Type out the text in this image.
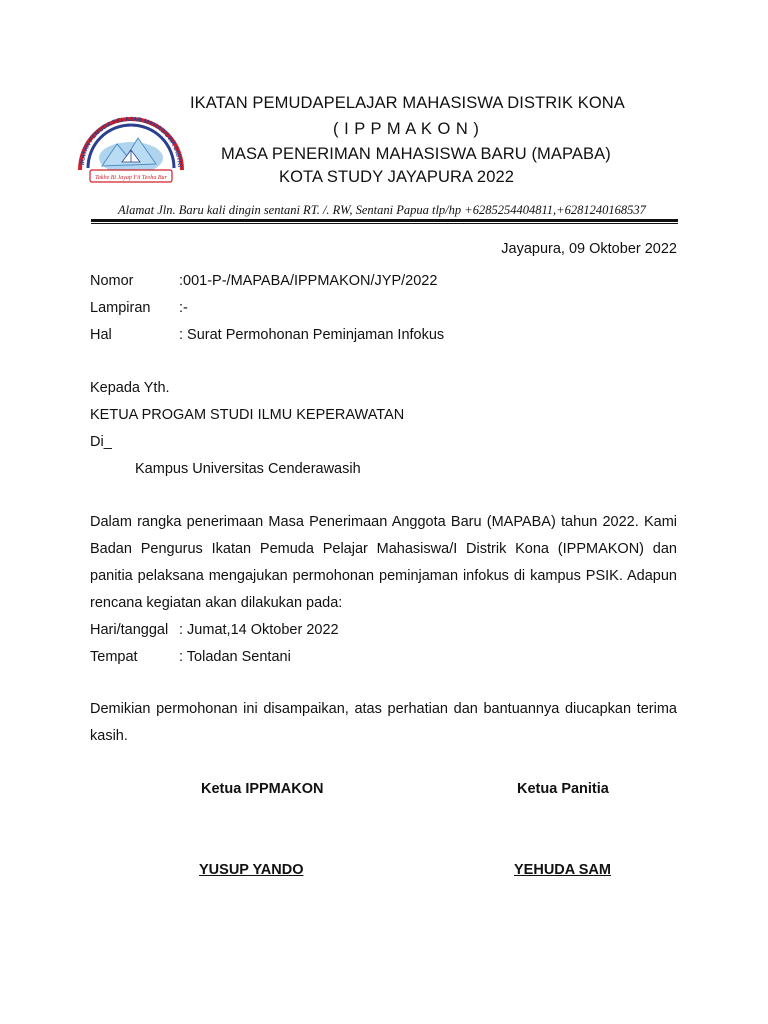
IKATAN PEMUDA PELAJAR MAHASISWA DISTRI
Takhe Bi Jayap Fit Teoha Bur
IKATAN PEMUDAPELAJAR MAHASISWA DISTRIK KONA
( I P P M A K O N )
MASA PENERIMAN MAHASISWA BARU (MAPABA)
KOTA STUDY JAYAPURA 2022
Alamat Jln. Baru kali dingin sentani RT. /. RW, Sentani Papua tlp/hp +6285254404811,+6281240168537
Jayapura, 09 Oktober 2022
Nomor	:001-P-/MAPABA/IPPMAKON/JYP/2022
Lampiran :-
Hal	: Surat Permohonan Peminjaman Infokus
Kepada Yth.
KETUA PROGAM STUDI ILMU KEPERAWATAN
Di_
Kampus Universitas Cenderawasih
Dalam rangka penerimaan Masa Penerimaan Anggota Baru (MAPABA) tahun 2022. Kami Badan Pengurus Ikatan Pemuda Pelajar Mahasiswa/I Distrik Kona (IPPMAKON) dan panitia pelaksana mengajukan permohonan peminjaman infokus di kampus PSIK. Adapun rencana kegiatan akan dilakukan pada:
Hari/tanggal : Jumat,14 Oktober 2022
Tempat	: Toladan Sentani
Demikian permohonan ini disampaikan, atas perhatian dan bantuannya diucapkan terima kasih.
Ketua IPPMAKON	Ketua Panitia
YUSUP YANDO	YEHUDA SAM
